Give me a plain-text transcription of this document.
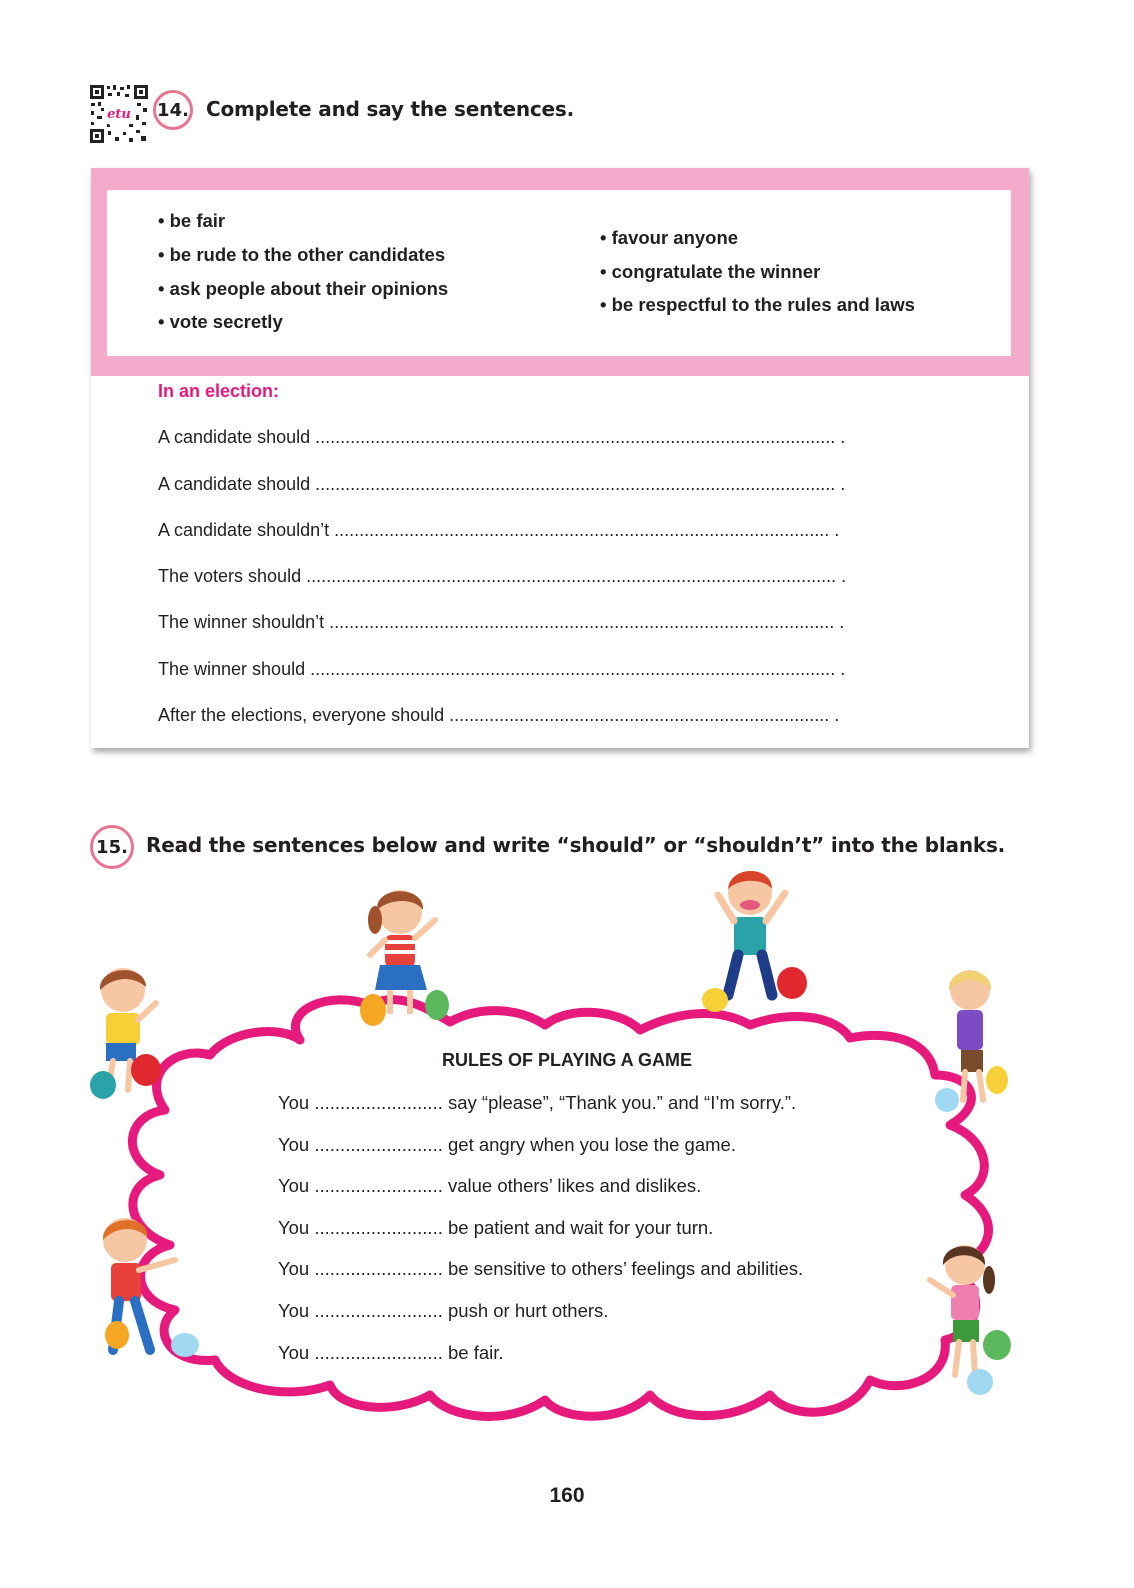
etu 14. Complete and say the sentences.
• be fair
• be rude to the other candidates
• ask people about their opinions
• vote secretly
• favour anyone
• congratulate the winner
• be respectful to the rules and laws
In an election:
A candidate should ........................................................................................................ .
A candidate should ........................................................................................................ .
A candidate shouldn’t ................................................................................................... .
The voters should .......................................................................................................... .
The winner shouldn’t ..................................................................................................... .
The winner should ......................................................................................................... .
After the elections, everyone should ............................................................................ .
15. Read the sentences below and write “should” or “shouldn’t” into the blanks.
RULES OF PLAYING A GAME
You ......................... say “please”, “Thank you.” and “I’m sorry.”.
You ......................... get angry when you lose the game.
You ......................... value others’ likes and dislikes.
You ......................... be patient and wait for your turn.
You ......................... be sensitive to others’ feelings and abilities.
You ......................... push or hurt others.
You ......................... be fair.
160
